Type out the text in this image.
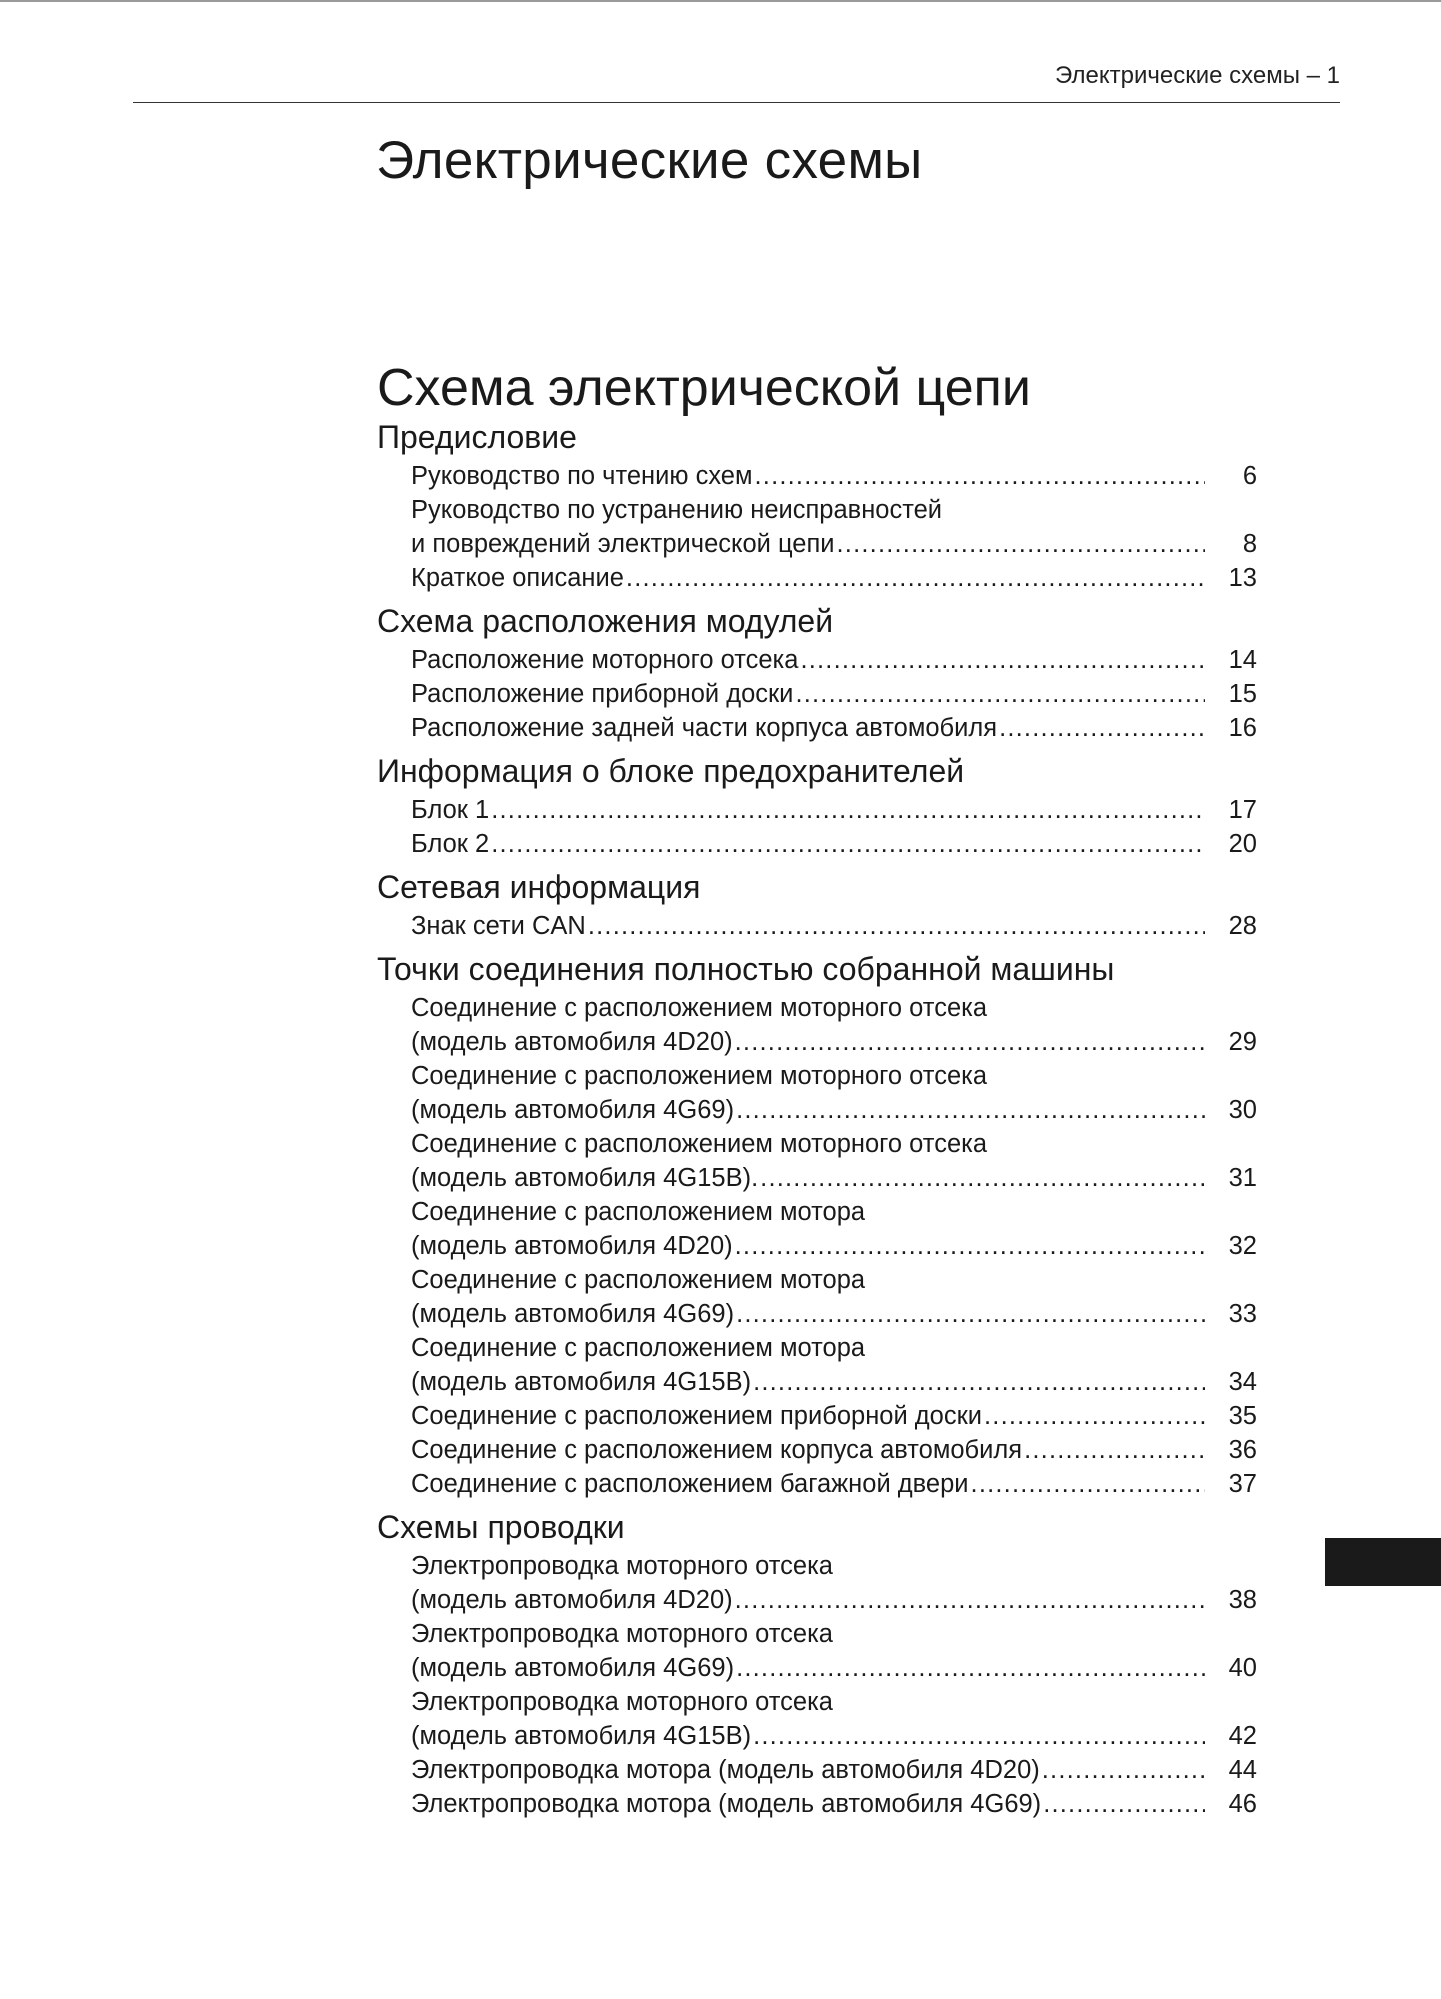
Электрические схемы – 1
Электрические схемы
Схема электрической цепи
Предисловие
Руководство по чтению схем .....	6
Руководство по устранению неисправностей
и повреждений электрической цепи .....	8
Краткое описание .....	13
Схема расположения модулей
Расположение моторного отсека .....	14
Расположение приборной доски .....	15
Расположение задней части корпуса автомобиля .....	16
Информация о блоке предохранителей
Блок 1 .....	17
Блок 2 .....	20
Сетевая информация
Знак сети CAN .....	28
Точки соединения полностью собранной машины
Соединение с расположением моторного отсека
(модель автомобиля 4D20) .....	29
Соединение с расположением моторного отсека
(модель автомобиля 4G69) .....	30
Соединение с расположением моторного отсека
(модель автомобиля 4G15B). .....	31
Соединение с расположением мотора
(модель автомобиля 4D20) .....	32
Соединение с расположением мотора
(модель автомобиля 4G69) .....	33
Соединение с расположением мотора
(модель автомобиля 4G15B) .....	34
Соединение с расположением приборной доски .....	35
Соединение с расположением корпуса автомобиля .....	36
Соединение с расположением багажной двери .....	37
Схемы проводки
Электропроводка моторного отсека
(модель автомобиля 4D20) .....	38
Электропроводка моторного отсека
(модель автомобиля 4G69) .....	40
Электропроводка моторного отсека
(модель автомобиля 4G15B) .....	42
Электропроводка мотора (модель автомобиля 4D20) .....	44
Электропроводка мотора (модель автомобиля 4G69) .....	46
